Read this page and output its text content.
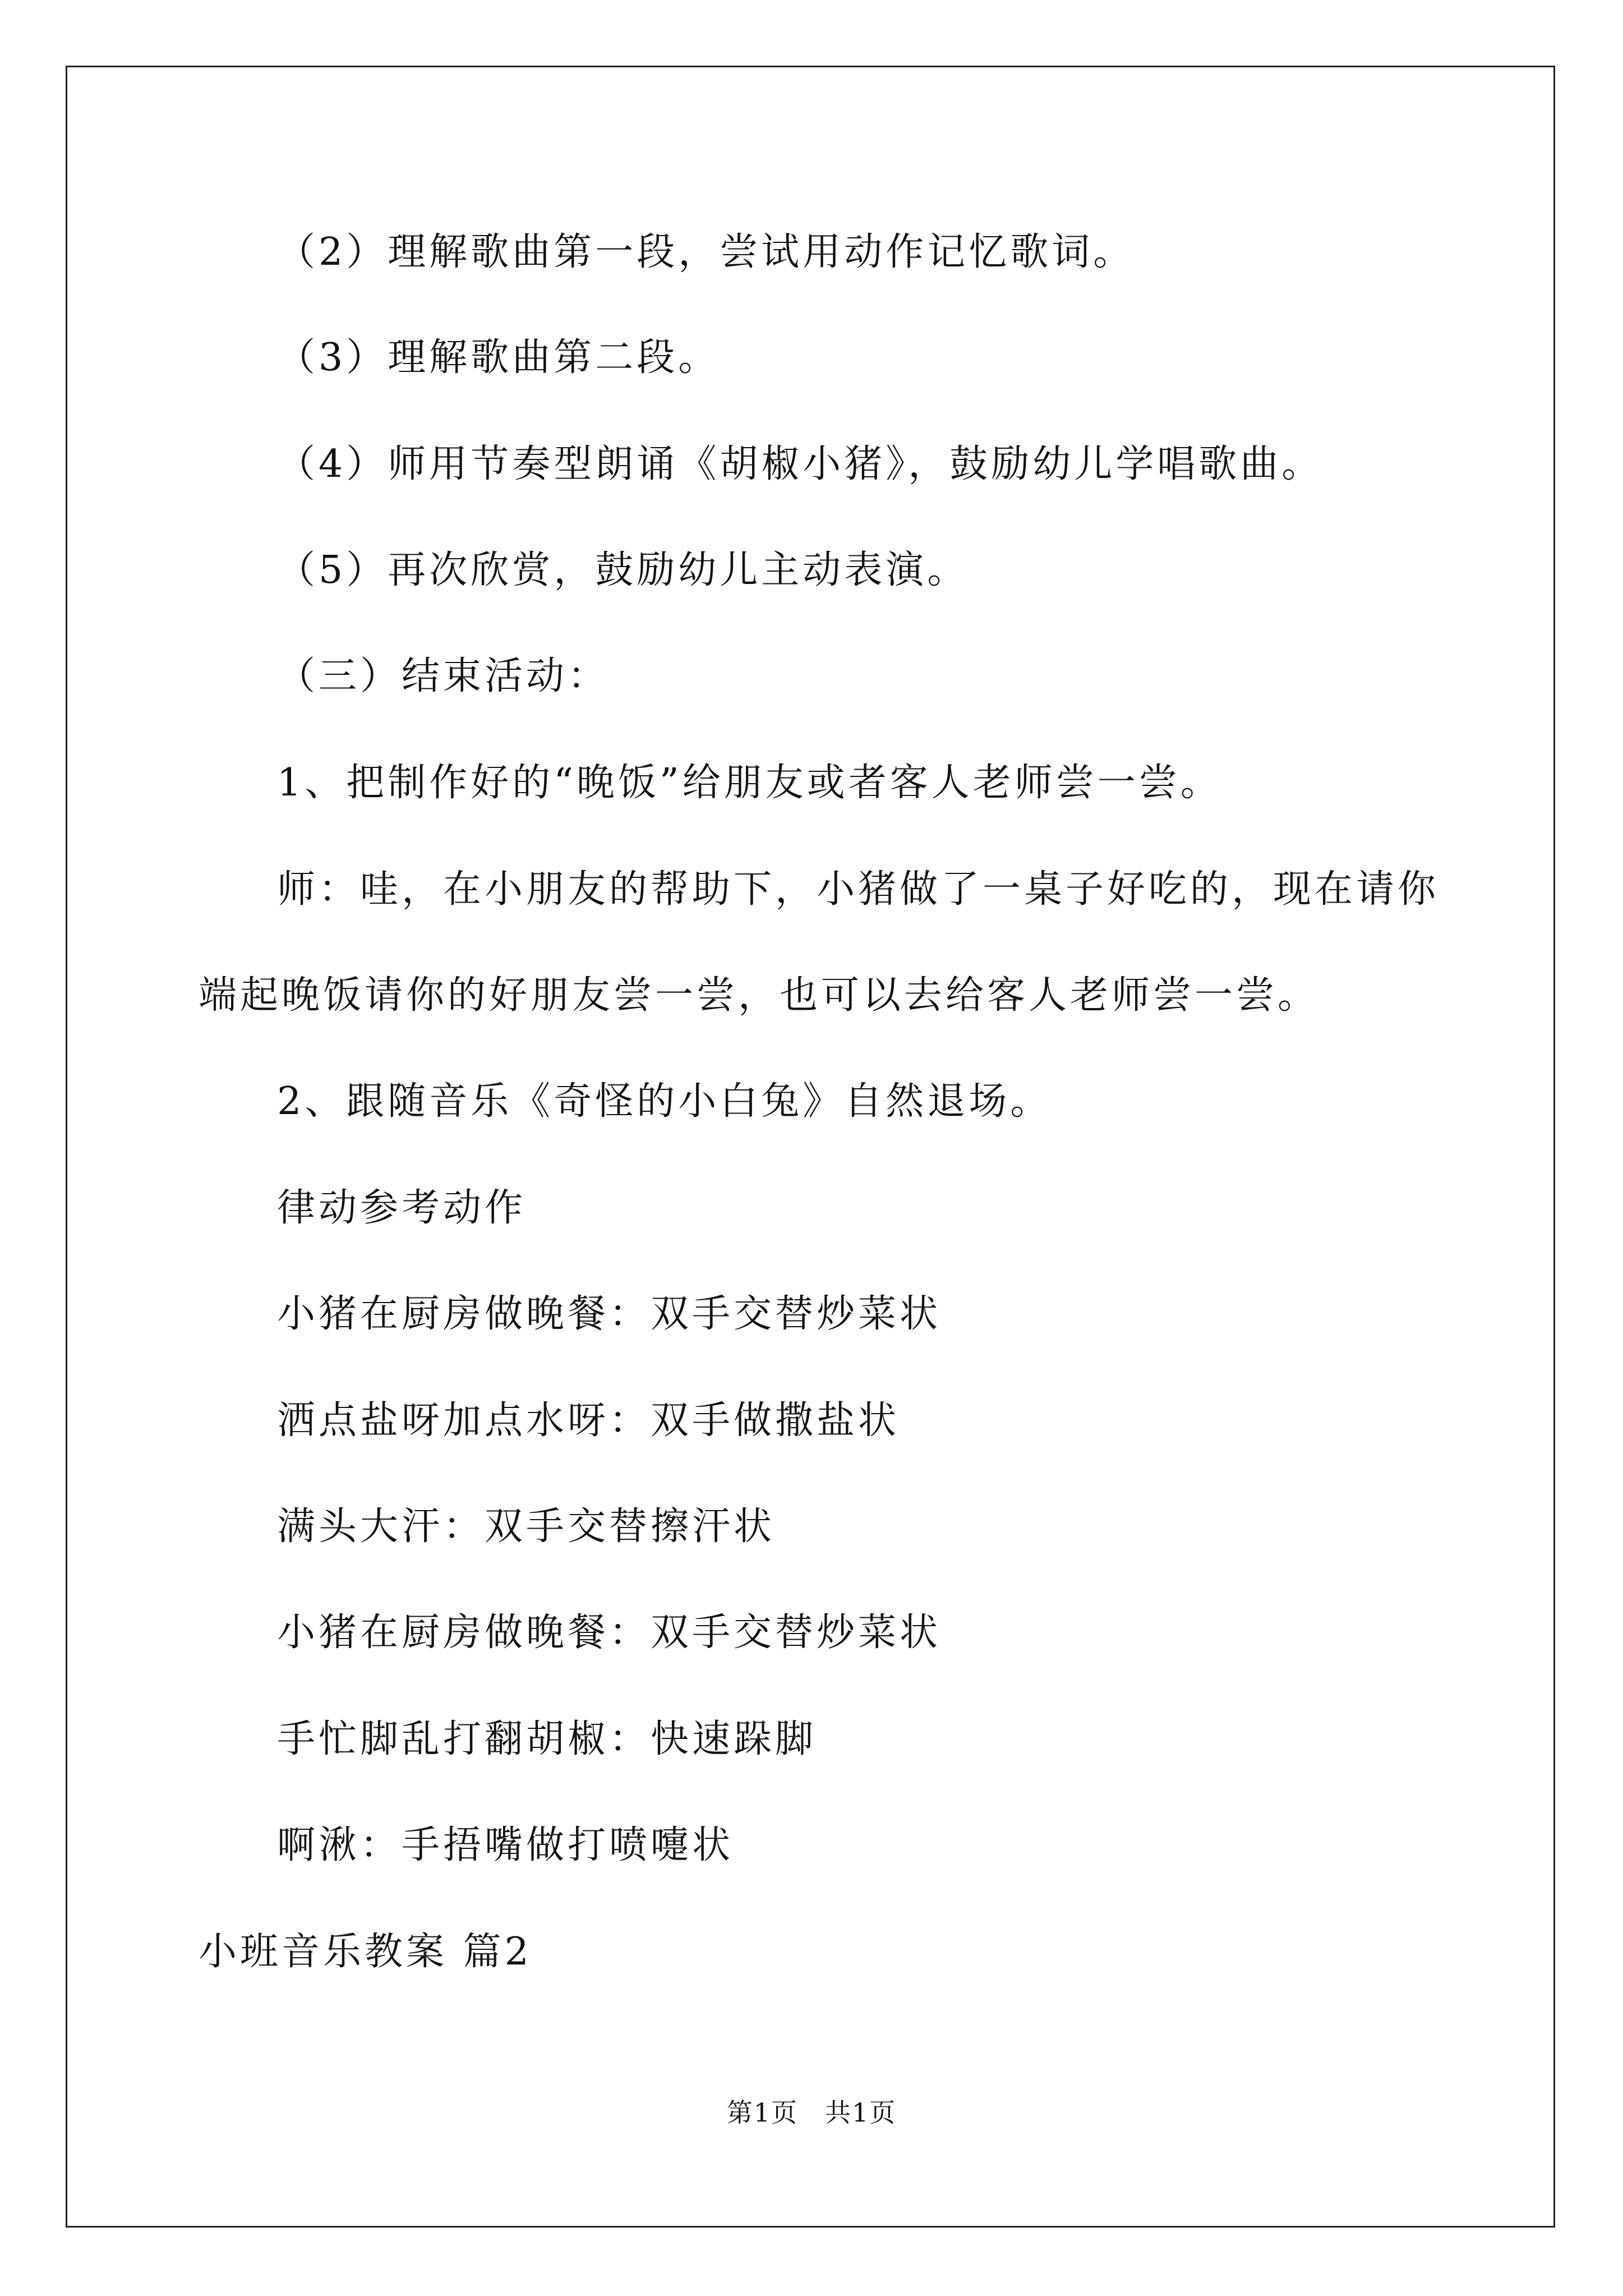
（2）理解歌曲第一段，尝试用动作记忆歌词。
（3）理解歌曲第二段。
（4）师用节奏型朗诵《胡椒小猪》，鼓励幼儿学唱歌曲。
（5）再次欣赏，鼓励幼儿主动表演。
（三）结束活动：
1、把制作好的“晚饭”给朋友或者客人老师尝一尝。
师：哇，在小朋友的帮助下，小猪做了一桌子好吃的，现在请你
端起晚饭请你的好朋友尝一尝，也可以去给客人老师尝一尝。
2、跟随音乐《奇怪的小白兔》自然退场。
律动参考动作
小猪在厨房做晚餐：双手交替炒菜状
洒点盐呀加点水呀：双手做撒盐状
满头大汗：双手交替擦汗状
小猪在厨房做晚餐：双手交替炒菜状
手忙脚乱打翻胡椒：快速跺脚
啊湫：手捂嘴做打喷嚏状
小班音乐教案 篇2
第1页　共1页
